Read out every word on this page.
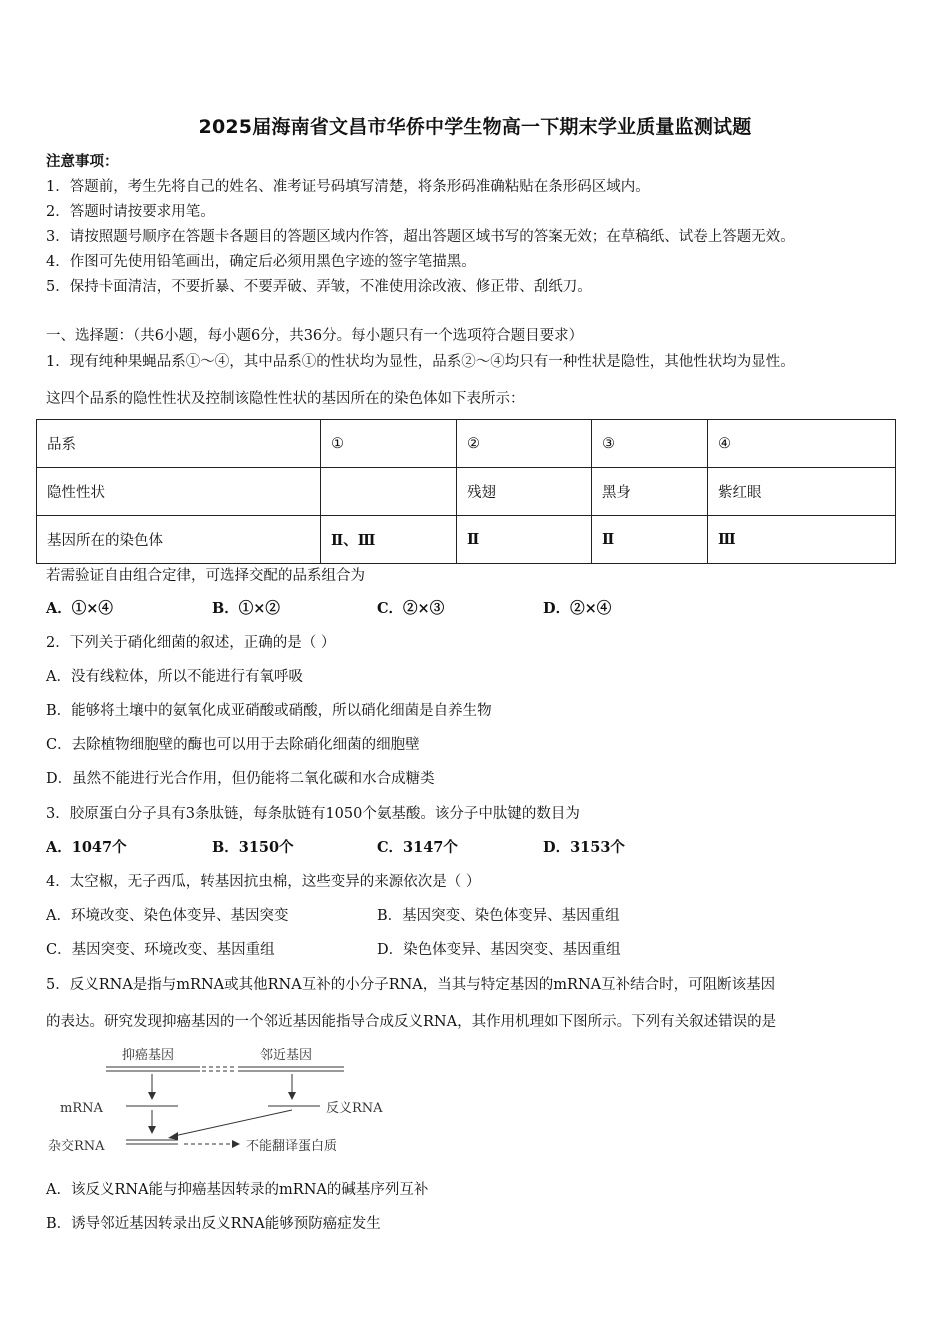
2025届海南省文昌市华侨中学生物高一下期末学业质量监测试题
注意事项：
1．答题前，考生先将自己的姓名、准考证号码填写清楚，将条形码准确粘贴在条形码区域内。
2．答题时请按要求用笔。
3．请按照题号顺序在答题卡各题目的答题区域内作答，超出答题区域书写的答案无效；在草稿纸、试卷上答题无效。
4．作图可先使用铅笔画出，确定后必须用黑色字迹的签字笔描黑。
5．保持卡面清洁，不要折暴、不要弄破、弄皱，不准使用涂改液、修正带、刮纸刀。
一、选择题：（共6小题，每小题6分，共36分。每小题只有一个选项符合题目要求）
1．现有纯种果蝇品系①～④，其中品系①的性状均为显性，品系②～④均只有一种性状是隐性，其他性状均为显性。
这四个品系的隐性性状及控制该隐性性状的基因所在的染色体如下表所示：
品系	①	②	③	④
隐性性状		残翅	黑身	紫红眼
基因所在的染色体	Ⅱ、Ⅲ	Ⅱ	Ⅱ	Ⅲ
若需验证自由组合定律，可选择交配的品系组合为
A．①×④	B．①×②	C．②×③	D．②×④
2．下列关于硝化细菌的叙述，正确的是（ ）
A．没有线粒体，所以不能进行有氧呼吸
B．能够将土壤中的氨氧化成亚硝酸或硝酸，所以硝化细菌是自养生物
C．去除植物细胞壁的酶也可以用于去除硝化细菌的细胞壁
D．虽然不能进行光合作用，但仍能将二氧化碳和水合成糖类
3．胶原蛋白分子具有3条肽链，每条肽链有1050个氨基酸。该分子中肽键的数目为
A．1047个	B．3150个	C．3147个	D．3153个
4．太空椒，无子西瓜，转基因抗虫棉，这些变异的来源依次是（ ）
A．环境改变、染色体变异、基因突变	B．基因突变、染色体变异、基因重组
C．基因突变、环境改变、基因重组	D．染色体变异、基因突变、基因重组
5．反义RNA是指与mRNA或其他RNA互补的小分子RNA，当其与特定基因的mRNA互补结合时，可阻断该基因
的表达。研究发现抑癌基因的一个邻近基因能指导合成反义RNA，其作用机理如下图所示。下列有关叙述错误的是
抑癌基因	邻近基因
mRNA	反义RNA
杂交RNA	不能翻译蛋白质
A．该反义RNA能与抑癌基因转录的mRNA的碱基序列互补
B．诱导邻近基因转录出反义RNA能够预防癌症发生
